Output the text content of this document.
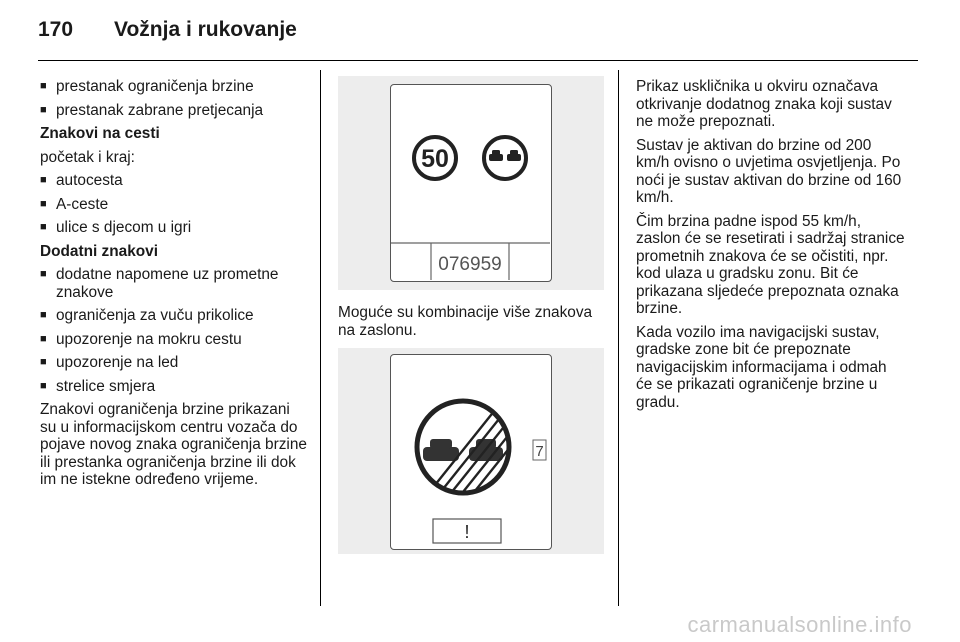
170 Vožnja i rukovanje
■ prestanak ograničenja brzine
■ prestanak zabrane pretjecanja

Znakovi na cesti

početak i kraj:

■ autocesta
■ A-ceste
■ ulice s djecom u igri

Dodatni znakovi

■ dodatne napomene uz prometne znakove
■ ograničenja za vuču prikolice
■ upozorenje na mokru cestu
■ upozorenje na led
■ strelice smjera

Znakovi ograničenja brzine prikazani su u informacijskom centru vozača do pojave novog znaka ograničenja brzine ili prestanka ograničenja brzine ili dok im ne istekne određeno vrijeme.

50
076959

Moguće su kombinacije više znakova na zaslonu.

7
!

Prikaz uskličnika u okviru označava otkrivanje dodatnog znaka koji sustav ne može prepoznati.

Sustav je aktivan do brzine od 200 km/h ovisno o uvjetima osvjetljenja. Po noći je sustav aktivan do brzine od 160 km/h.

Čim brzina padne ispod 55 km/h, zaslon će se resetirati i sadržaj stranice prometnih znakova će se očistiti, npr. kod ulaza u gradsku zonu. Bit će prikazana sljedeće prepoznata oznaka brzine.

Kada vozilo ima navigacijski sustav, gradske zone bit će prepoznate navigacijskim informacijama i odmah će se prikazati ograničenje brzine u gradu.

carmanualsonline.info
